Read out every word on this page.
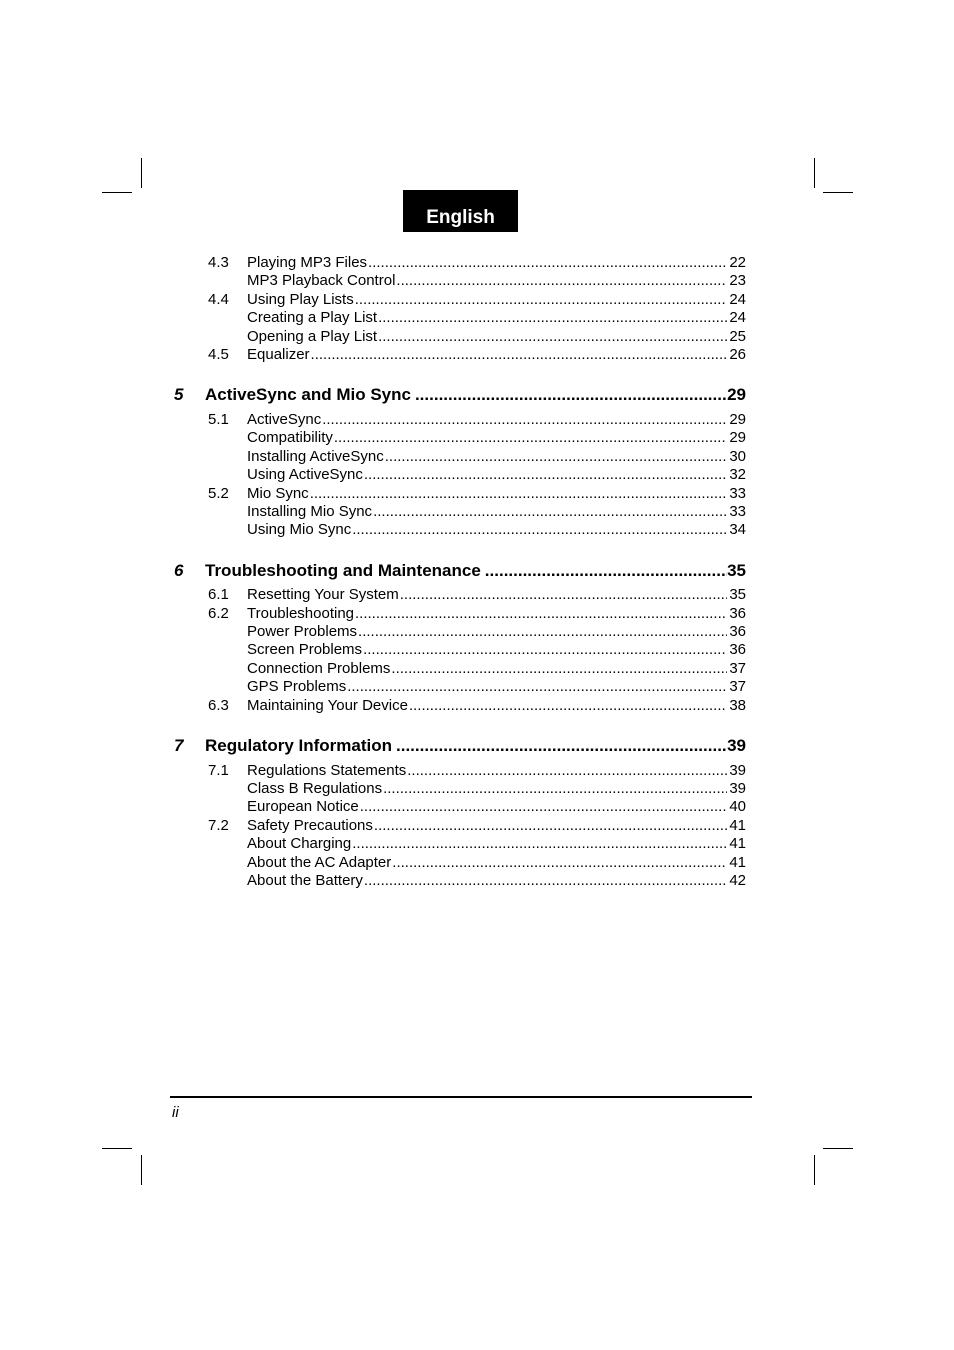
English
4.3 Playing MP3 Files .....	22
MP3 Playback Control .....	23
4.4 Using Play Lists .....	24
Creating a Play List .....	24
Opening a Play List .....	25
4.5 Equalizer .....	26
5 ActiveSync and Mio Sync .....	29
5.1 ActiveSync .....	29
Compatibility .....	29
Installing ActiveSync .....	30
Using ActiveSync .....	32
5.2 Mio Sync .....	33
Installing Mio Sync .....	33
Using Mio Sync .....	34
6 Troubleshooting and Maintenance .....	35
6.1 Resetting Your System .....	35
6.2 Troubleshooting .....	36
Power Problems .....	36
Screen Problems .....	36
Connection Problems .....	37
GPS Problems .....	37
6.3 Maintaining Your Device .....	38
7 Regulatory Information .....	39
7.1 Regulations Statements .....	39
Class B Regulations .....	39
European Notice .....	40
7.2 Safety Precautions .....	41
About Charging .....	41
About the AC Adapter .....	41
About the Battery .....	42
ii
